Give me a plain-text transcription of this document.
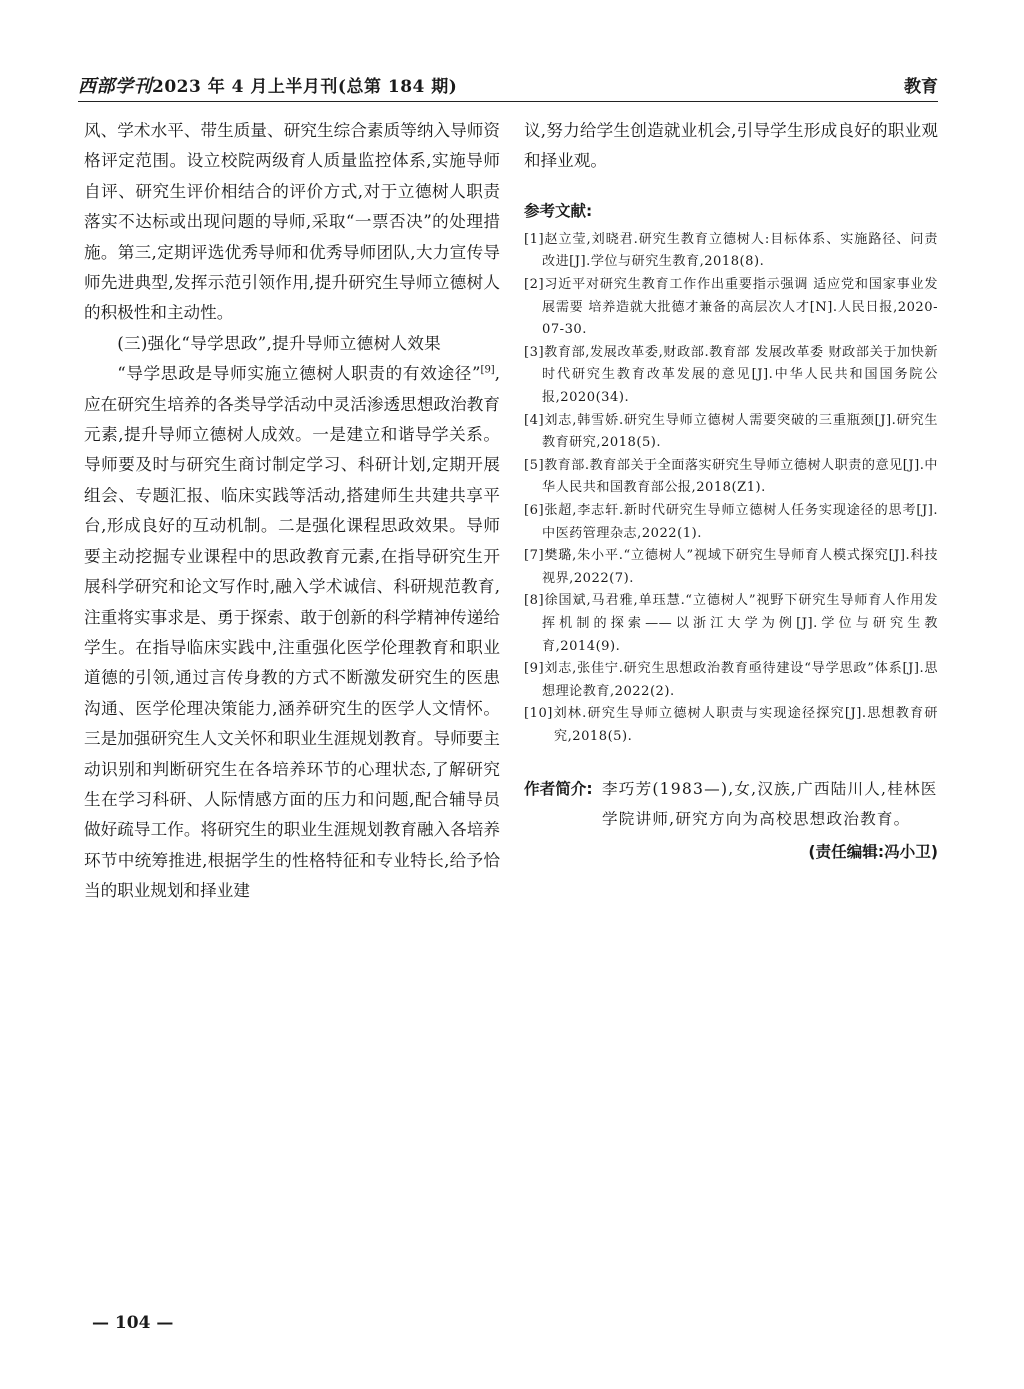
西部学刊2023 年 4 月上半月刊(总第 184 期)	教育

风、学术水平、带生质量、研究生综合素质等纳入导师资格评定范围。设立校院两级育人质量监控体系,实施导师自评、研究生评价相结合的评价方式,对于立德树人职责落实不达标或出现问题的导师,采取“一票否决”的处理措施。第三,定期评选优秀导师和优秀导师团队,大力宣传导师先进典型,发挥示范引领作用,提升研究生导师立德树人的积极性和主动性。

(三)强化“导学思政”,提升导师立德树人效果

“导学思政是导师实施立德树人职责的有效途径”[9],应在研究生培养的各类导学活动中灵活渗透思想政治教育元素,提升导师立德树人成效。一是建立和谐导学关系。导师要及时与研究生商讨制定学习、科研计划,定期开展组会、专题汇报、临床实践等活动,搭建师生共建共享平台,形成良好的互动机制。二是强化课程思政效果。导师要主动挖掘专业课程中的思政教育元素,在指导研究生开展科学研究和论文写作时,融入学术诚信、科研规范教育,注重将实事求是、勇于探索、敢于创新的科学精神传递给学生。在指导临床实践中,注重强化医学伦理教育和职业道德的引领,通过言传身教的方式不断激发研究生的医患沟通、医学伦理决策能力,涵养研究生的医学人文情怀。三是加强研究生人文关怀和职业生涯规划教育。导师要主动识别和判断研究生在各培养环节的心理状态,了解研究生在学习科研、人际情感方面的压力和问题,配合辅导员做好疏导工作。将研究生的职业生涯规划教育融入各培养环节中统筹推进,根据学生的性格特征和专业特长,给予恰当的职业规划和择业建

议,努力给学生创造就业机会,引导学生形成良好的职业观和择业观。

参考文献:

[1]赵立莹,刘晓君.研究生教育立德树人:目标体系、实施路径、问责改进[J].学位与研究生教育,2018(8).

[2]习近平对研究生教育工作作出重要指示强调 适应党和国家事业发展需要 培养造就大批德才兼备的高层次人才[N].人民日报,2020-07-30.

[3]教育部,发展改革委,财政部.教育部 发展改革委 财政部关于加快新时代研究生教育改革发展的意见[J].中华人民共和国国务院公报,2020(34).

[4]刘志,韩雪娇.研究生导师立德树人需要突破的三重瓶颈[J].研究生教育研究,2018(5).

[5]教育部.教育部关于全面落实研究生导师立德树人职责的意见[J].中华人民共和国教育部公报,2018(Z1).

[6]张超,李志轩.新时代研究生导师立德树人任务实现途径的思考[J].中医药管理杂志,2022(1).

[7]樊璐,朱小平.“立德树人”视域下研究生导师育人模式探究[J].科技视界,2022(7).

[8]徐国斌,马君雅,单珏慧.“立德树人”视野下研究生导师育人作用发挥机制的探索——以浙江大学为例[J].学位与研究生教育,2014(9).

[9]刘志,张佳宁.研究生思想政治教育亟待建设“导学思政”体系[J].思想理论教育,2022(2).

[10]刘林.研究生导师立德树人职责与实现途径探究[J].思想教育研究,2018(5).

作者简介: 李巧芳(1983—),女,汉族,广西陆川人,桂林医学院讲师,研究方向为高校思想政治教育。
(责任编辑:冯小卫)
— 104 —
